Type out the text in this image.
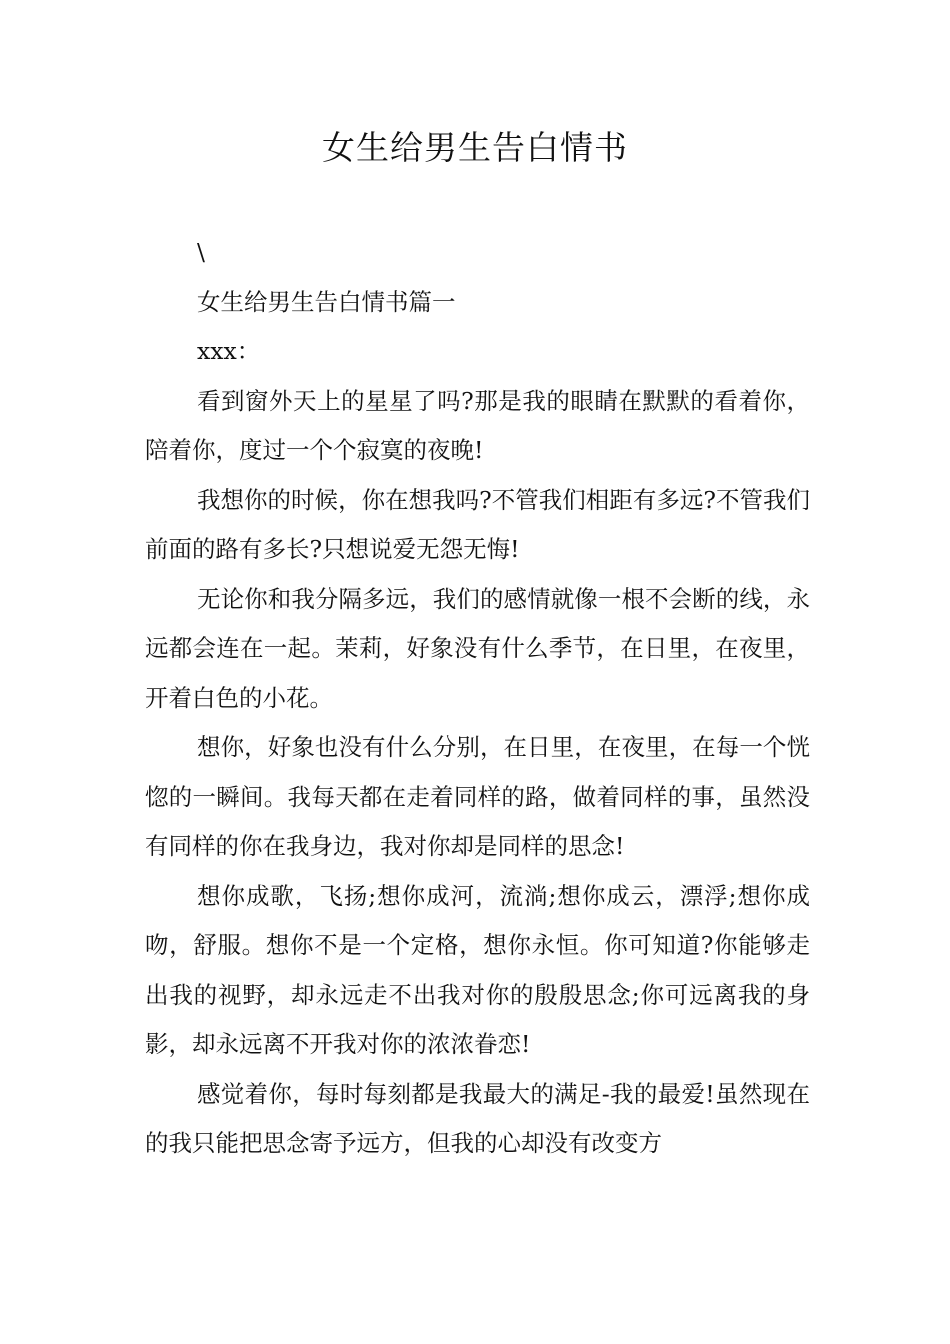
女生给男生告白情书

\

女生给男生告白情书篇一

xxx：

看到窗外天上的星星了吗?那是我的眼睛在默默的看着你，陪着你，度过一个个寂寞的夜晚!

我想你的时候，你在想我吗?不管我们相距有多远?不管我们前面的路有多长?只想说爱无怨无悔!

无论你和我分隔多远，我们的感情就像一根不会断的线，永远都会连在一起。茉莉，好象没有什么季节，在日里，在夜里，开着白色的小花。

想你，好象也没有什么分别，在日里，在夜里，在每一个恍惚的一瞬间。我每天都在走着同样的路，做着同样的事，虽然没有同样的你在我身边，我对你却是同样的思念!

想你成歌，飞扬;想你成河，流淌;想你成云，漂浮;想你成吻，舒服。想你不是一个定格，想你永恒。你可知道?你能够走出我的视野，却永远走不出我对你的殷殷思念;你可远离我的身影，却永远离不开我对你的浓浓眷恋!

感觉着你，每时每刻都是我最大的满足-我的最爱!虽然现在的我只能把思念寄予远方，但我的心却没有改变方
